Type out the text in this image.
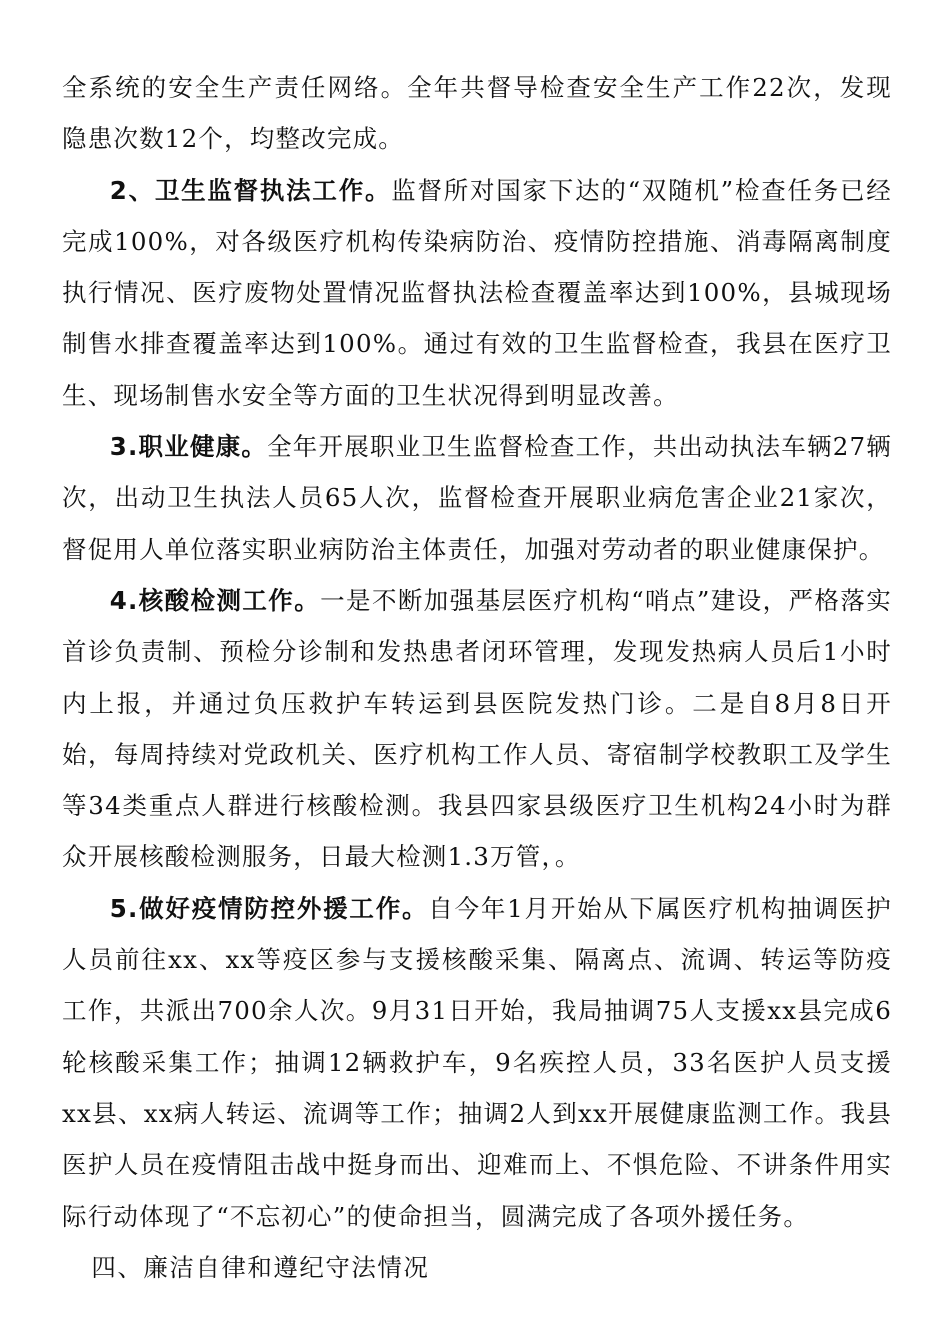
全系统的安全生产责任网络。全年共督导检查安全生产工作22次，发现隐患次数12个，均整改完成。

2、卫生监督执法工作。监督所对国家下达的“双随机”检查任务已经完成100%，对各级医疗机构传染病防治、疫情防控措施、消毒隔离制度执行情况、医疗废物处置情况监督执法检查覆盖率达到100%，县城现场制售水排查覆盖率达到100%。通过有效的卫生监督检查，我县在医疗卫生、现场制售水安全等方面的卫生状况得到明显改善。

3.职业健康。全年开展职业卫生监督检查工作，共出动执法车辆27辆次，出动卫生执法人员65人次，监督检查开展职业病危害企业21家次，督促用人单位落实职业病防治主体责任，加强对劳动者的职业健康保护。

4.核酸检测工作。一是不断加强基层医疗机构“哨点”建设，严格落实首诊负责制、预检分诊制和发热患者闭环管理，发现发热病人员后1小时内上报，并通过负压救护车转运到县医院发热门诊。二是自8月8日开始，每周持续对党政机关、医疗机构工作人员、寄宿制学校教职工及学生等34类重点人群进行核酸检测。我县四家县级医疗卫生机构24小时为群众开展核酸检测服务，日最大检测1.3万管，。

5.做好疫情防控外援工作。自今年1月开始从下属医疗机构抽调医护人员前往xx、xx等疫区参与支援核酸采集、隔离点、流调、转运等防疫工作，共派出700余人次。9月31日开始，我局抽调75人支援xx县完成6轮核酸采集工作；抽调12辆救护车，9名疾控人员，33名医护人员支援xx县、xx病人转运、流调等工作；抽调2人到xx开展健康监测工作。我县医护人员在疫情阻击战中挺身而出、迎难而上、不惧危险、不讲条件用实际行动体现了“不忘初心”的使命担当，圆满完成了各项外援任务。

四、廉洁自律和遵纪守法情况
